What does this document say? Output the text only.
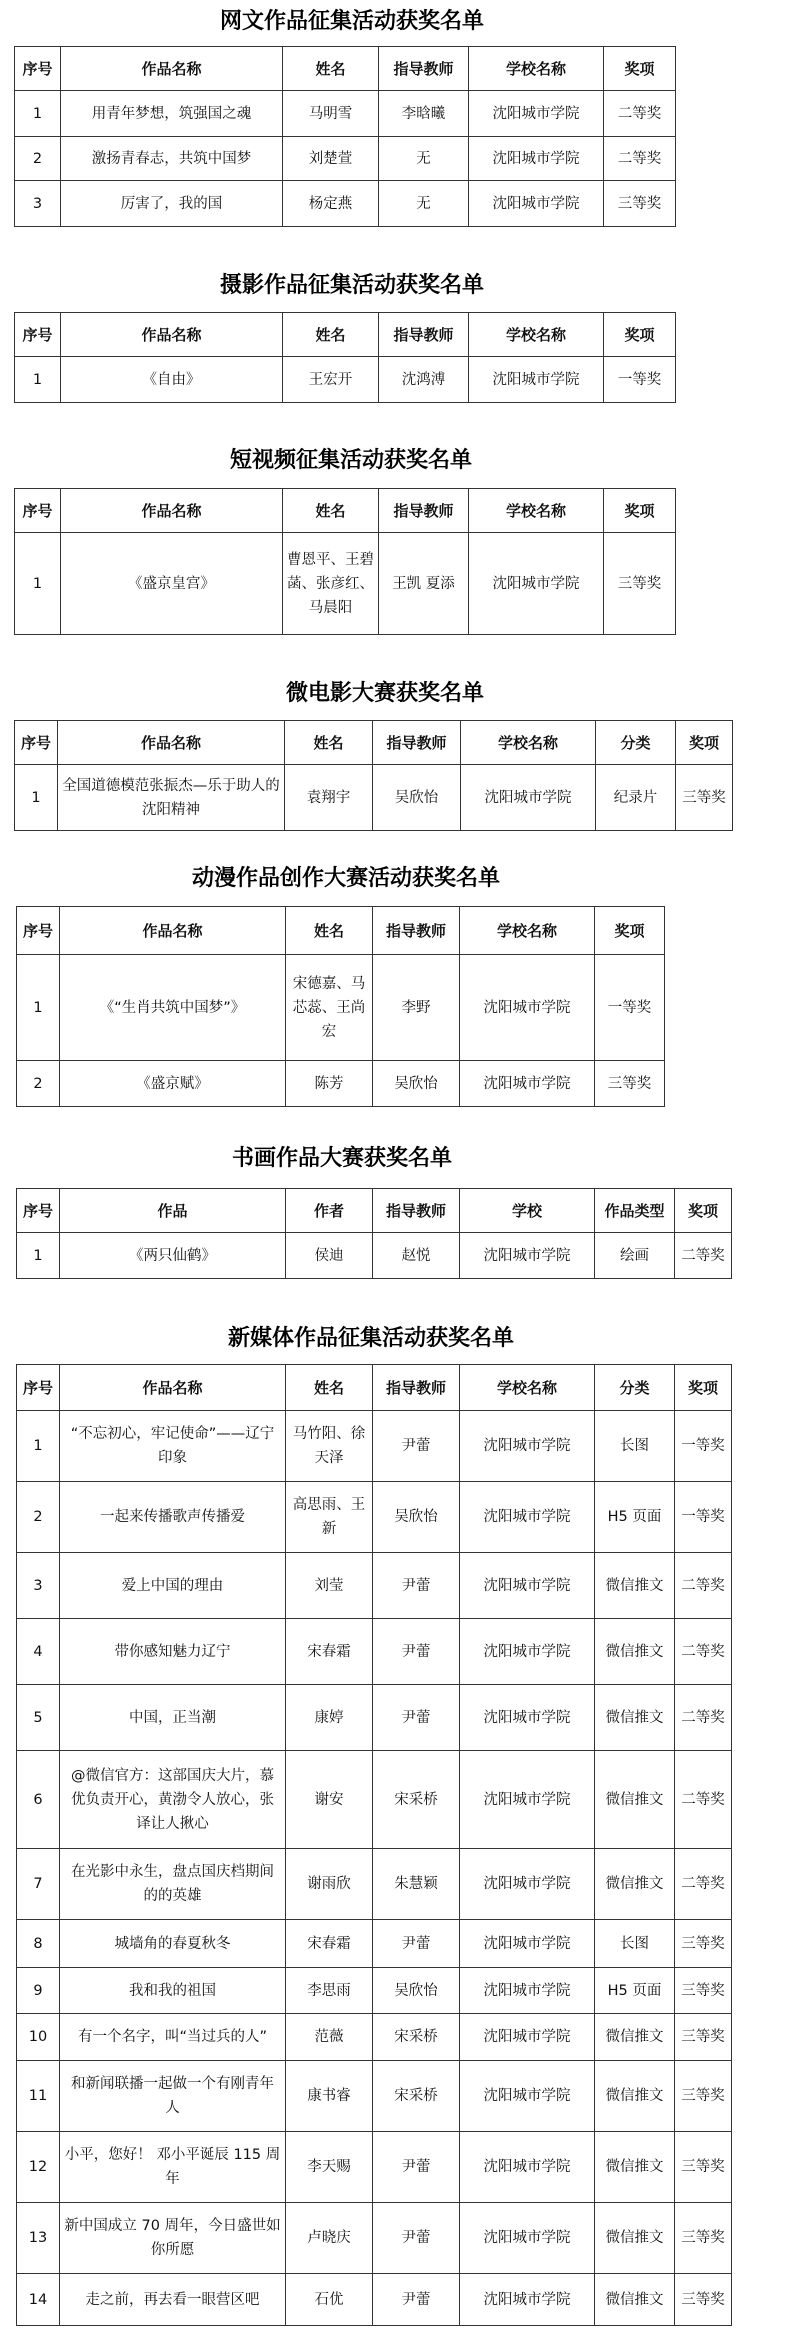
网文作品征集活动获奖名单
序号	作品名称	姓名	指导教师	学校名称	奖项
1	用青年梦想，筑强国之魂	马明雪	李晗曦	沈阳城市学院	二等奖
2	激扬青春志，共筑中国梦	刘楚萱	无	沈阳城市学院	二等奖
3	厉害了，我的国	杨定燕	无	沈阳城市学院	三等奖
摄影作品征集活动获奖名单
序号	作品名称	姓名	指导教师	学校名称	奖项
1	《自由》	王宏开	沈鸿溥	沈阳城市学院	一等奖
短视频征集活动获奖名单
序号	作品名称	姓名	指导教师	学校名称	奖项
1	《盛京皇宫》	曹恩平、王碧菡、张彦红、马晨阳	王凯 夏添	沈阳城市学院	三等奖
微电影大赛获奖名单
序号	作品名称	姓名	指导教师	学校名称	分类	奖项
1	全国道德模范张振杰—乐于助人的沈阳精神	袁翔宇	吴欣怡	沈阳城市学院	纪录片	三等奖
动漫作品创作大赛活动获奖名单
序号	作品名称	姓名	指导教师	学校名称	奖项
1	《“生肖共筑中国梦”》	宋德嘉、马芯蕊、王尚宏	李野	沈阳城市学院	一等奖
2	《盛京赋》	陈芳	吴欣怡	沈阳城市学院	三等奖
书画作品大赛获奖名单
序号	作品	作者	指导教师	学校	作品类型	奖项
1	《两只仙鹤》	侯迪	赵悦	沈阳城市学院	绘画	二等奖
新媒体作品征集活动获奖名单
序号	作品名称	姓名	指导教师	学校名称	分类	奖项
1	“不忘初心，牢记使命”——辽宁印象	马竹阳、徐天泽	尹蕾	沈阳城市学院	长图	一等奖
2	一起来传播歌声传播爱	高思雨、王新	吴欣怡	沈阳城市学院	H5 页面	一等奖
3	爱上中国的理由	刘莹	尹蕾	沈阳城市学院	微信推文	二等奖
4	带你感知魅力辽宁	宋春霜	尹蕾	沈阳城市学院	微信推文	二等奖
5	中国，正当潮	康婷	尹蕾	沈阳城市学院	微信推文	二等奖
6	@微信官方：这部国庆大片，慕优负责开心，黄渤令人放心，张译让人揪心	谢安	宋采桥	沈阳城市学院	微信推文	二等奖
7	在光影中永生，盘点国庆档期间的的英雄	谢雨欣	朱慧颖	沈阳城市学院	微信推文	二等奖
8	城墙角的春夏秋冬	宋春霜	尹蕾	沈阳城市学院	长图	三等奖
9	我和我的祖国	李思雨	吴欣怡	沈阳城市学院	H5 页面	三等奖
10	有一个名字，叫“当过兵的人”	范薇	宋采桥	沈阳城市学院	微信推文	三等奖
11	和新闻联播一起做一个有刚青年人	康书睿	宋采桥	沈阳城市学院	微信推文	三等奖
12	小平，您好！ 邓小平诞辰 115 周年	李天赐	尹蕾	沈阳城市学院	微信推文	三等奖
13	新中国成立 70 周年，今日盛世如你所愿	卢晓庆	尹蕾	沈阳城市学院	微信推文	三等奖
14	走之前，再去看一眼营区吧	石优	尹蕾	沈阳城市学院	微信推文	三等奖
